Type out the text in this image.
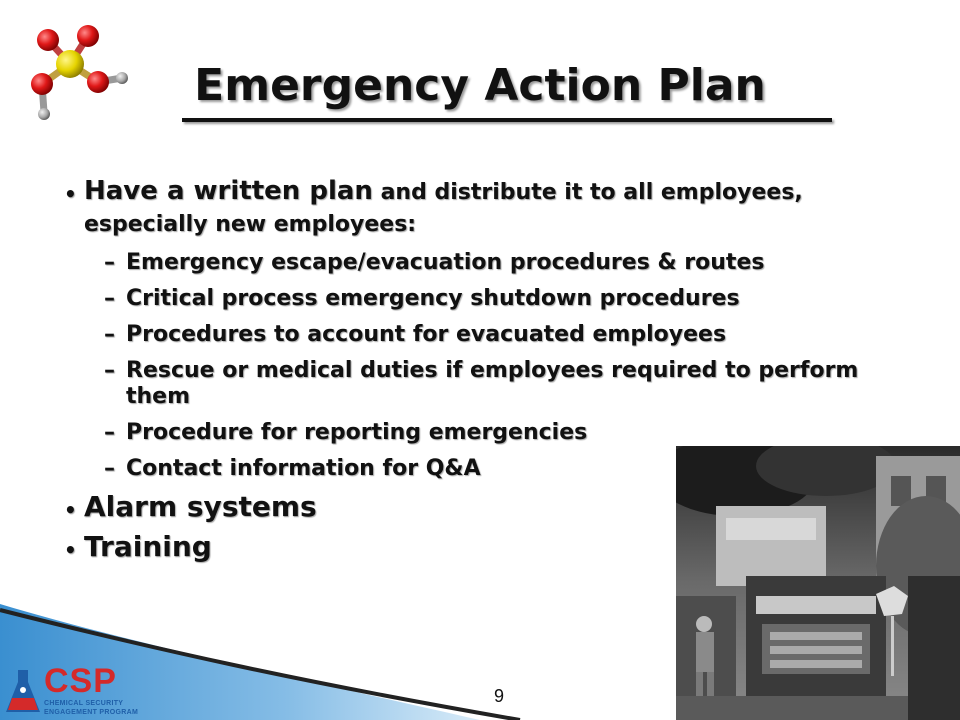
Emergency Action Plan
• Have a written plan and distribute it to all employees, especially new employees:
– Emergency escape/evacuation procedures & routes
– Critical process emergency shutdown procedures
– Procedures to account for evacuated employees
– Rescue or medical duties if employees required to perform them
– Procedure for reporting emergencies
– Contact information for Q&A
• Alarm systems
• Training
CSP
CHEMICAL SECURITY
ENGAGEMENT PROGRAM
9
